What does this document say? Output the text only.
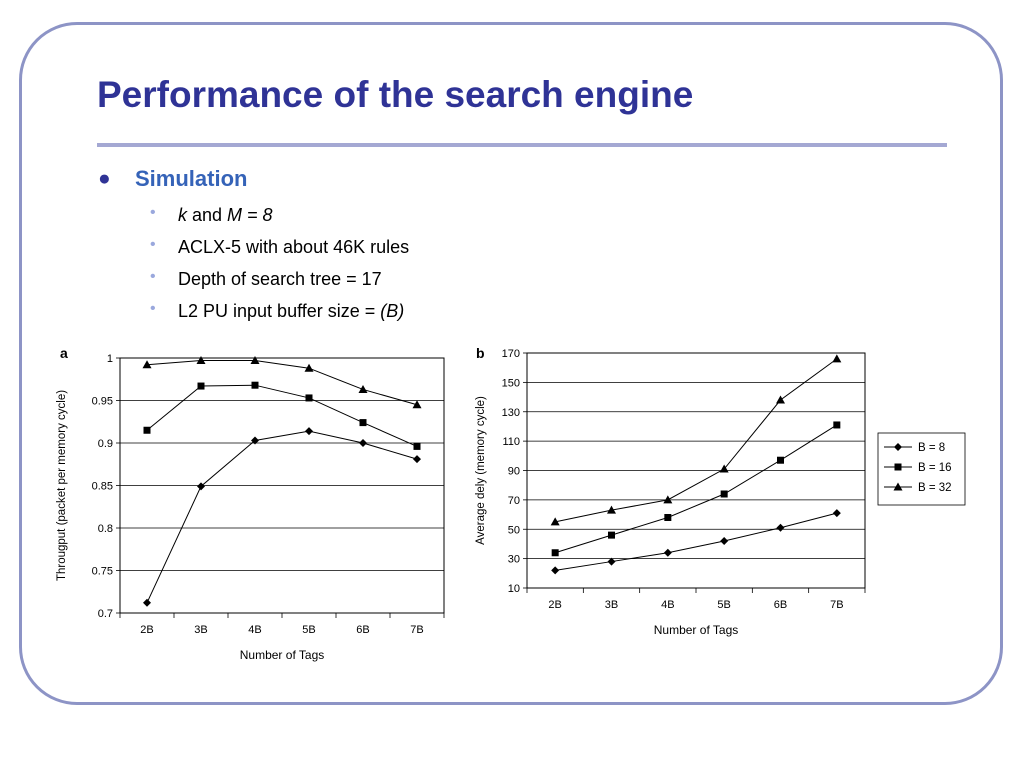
Performance of the search engine
● Simulation
• k and M = 8
• ACLX-5 with about 46K rules
• Depth of search tree = 17
• L2 PU input buffer size = (B)
a
0.7
0.75
0.8
0.85
0.9
0.95
1
2B	3B	4B	5B	6B	7B
Number of Tags
Througput (packet per memory cycle)
b
10
30
50
70
90
110
130
150
170
2B	3B	4B	5B	6B	7B
Number of Tags
Average dely (memory cycle)	B = 8
B = 16
B = 32
